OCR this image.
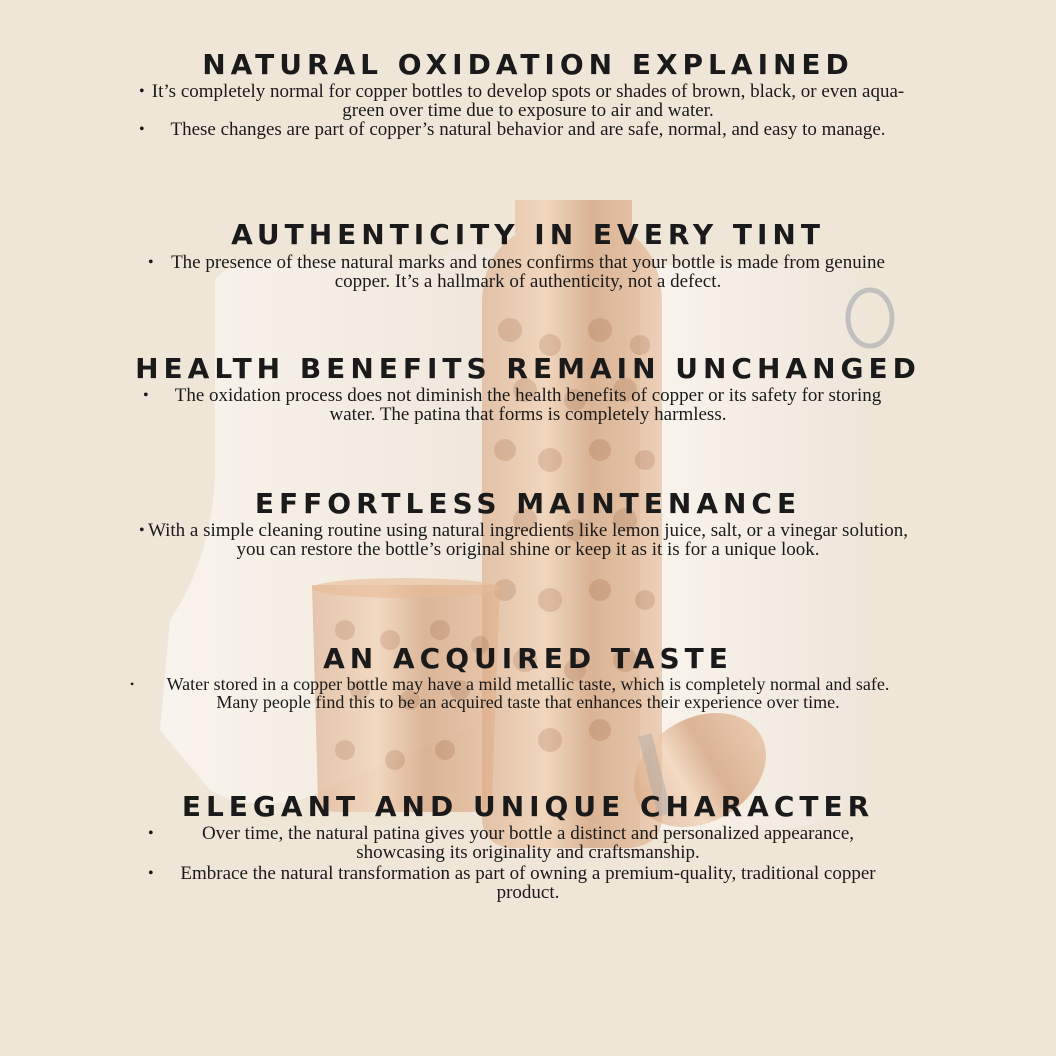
NATURAL OXIDATION EXPLAINED
• It’s completely normal for copper bottles to develop spots or shades of brown, black, or even aqua-green over time due to exposure to air and water.
• These changes are part of copper’s natural behavior and are safe, normal, and easy to manage.
AUTHENTICITY IN EVERY TINT
• The presence of these natural marks and tones confirms that your bottle is made from genuine copper. It’s a hallmark of authenticity, not a defect.
HEALTH BENEFITS REMAIN UNCHANGED
• The oxidation process does not diminish the health benefits of copper or its safety for storing water. The patina that forms is completely harmless.
EFFORTLESS MAINTENANCE
• With a simple cleaning routine using natural ingredients like lemon juice, salt, or a vinegar solution, you can restore the bottle’s original shine or keep it as it is for a unique look.
AN ACQUIRED TASTE
• Water stored in a copper bottle may have a mild metallic taste, which is completely normal and safe. Many people find this to be an acquired taste that enhances their experience over time.
ELEGANT AND UNIQUE CHARACTER
•	Over time, the natural patina gives your bottle a distinct and personalized appearance, showcasing its originality and craftsmanship.
• Embrace the natural transformation as part of owning a premium-quality, traditional copper product.
